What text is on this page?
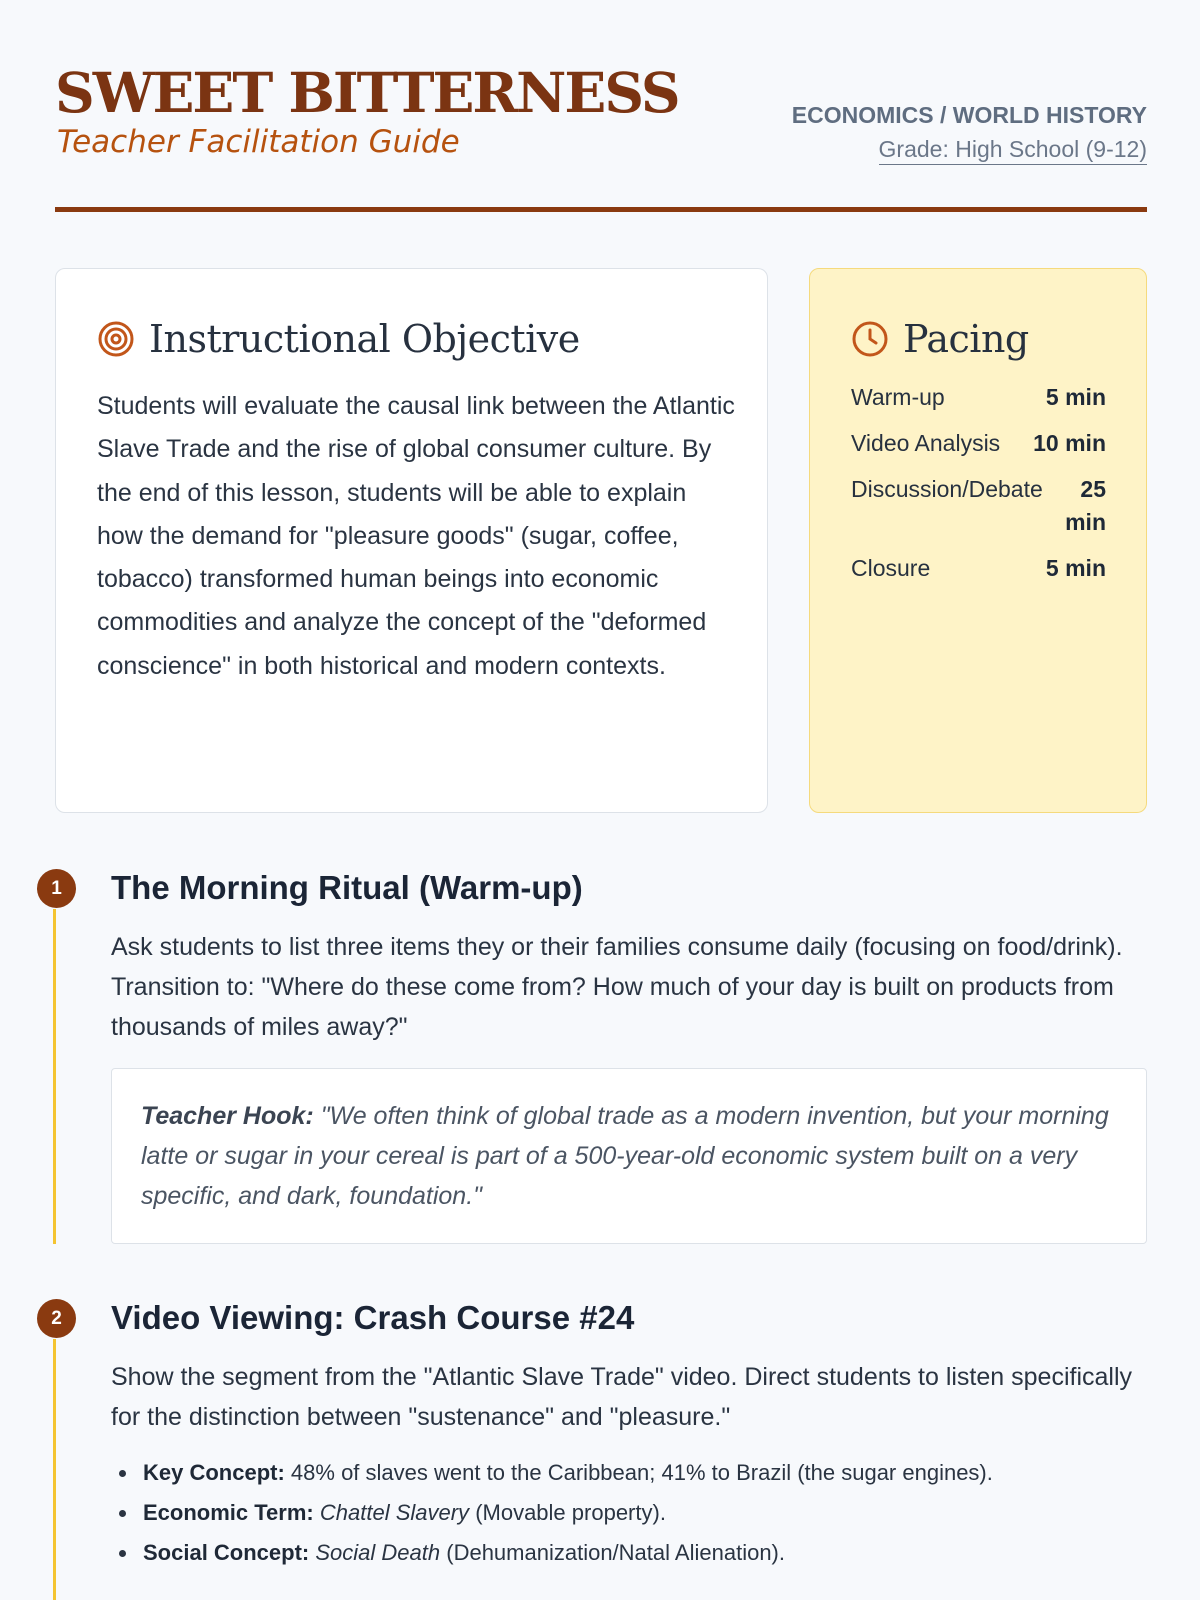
SWEET BITTERNESS
Teacher Facilitation Guide
ECONOMICS / WORLD HISTORY
Grade: High School (9-12)
Instructional Objective
Students will evaluate the causal link between the Atlantic Slave Trade and the rise of global consumer culture. By the end of this lesson, students will be able to explain how the demand for "pleasure goods" (sugar, coffee, tobacco) transformed human beings into economic commodities and analyze the concept of the "deformed conscience" in both historical and modern contexts.
Pacing
Warm-up	5 min
Video Analysis 10 min
Discussion/Debate	25 min
Closure	5 min
1	The Morning Ritual (Warm-up)
Ask students to list three items they or their families consume daily (focusing on food/drink). Transition to: "Where do these come from? How much of your day is built on products from thousands of miles away?"
Teacher Hook: "We often think of global trade as a modern invention, but your morning latte or sugar in your cereal is part of a 500-year-old economic system built on a very specific, and dark, foundation."
2	Video Viewing: Crash Course #24
Show the segment from the "Atlantic Slave Trade" video. Direct students to listen specifically for the distinction between "sustenance" and "pleasure."
Key Concept: 48% of slaves went to the Caribbean; 41% to Brazil (the sugar engines).
Economic Term: Chattel Slavery (Movable property).
Social Concept: Social Death (Dehumanization/Natal Alienation).
